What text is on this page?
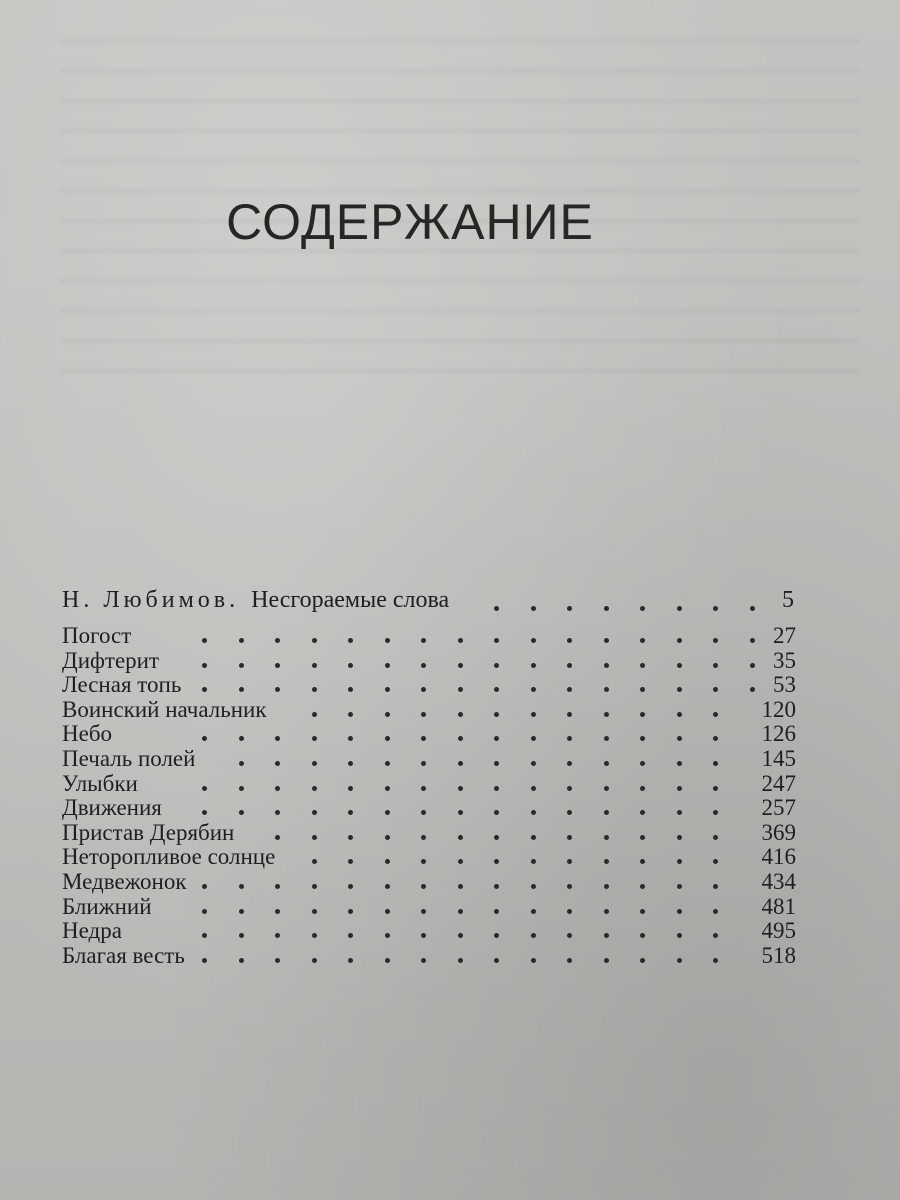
СОДЕРЖАНИЕ
Н. Любимов. Несгораемые слова	5
Погост	27
Дифтерит	35
Лесная топь	53
Воинский начальник	120
Небо	126
Печаль полей	145
Улыбки	247
Движения	257
Пристав Дерябин	369
Неторопливое солнце	416
Медвежонок	434
Ближний	481
Недра	495
Благая весть	518
